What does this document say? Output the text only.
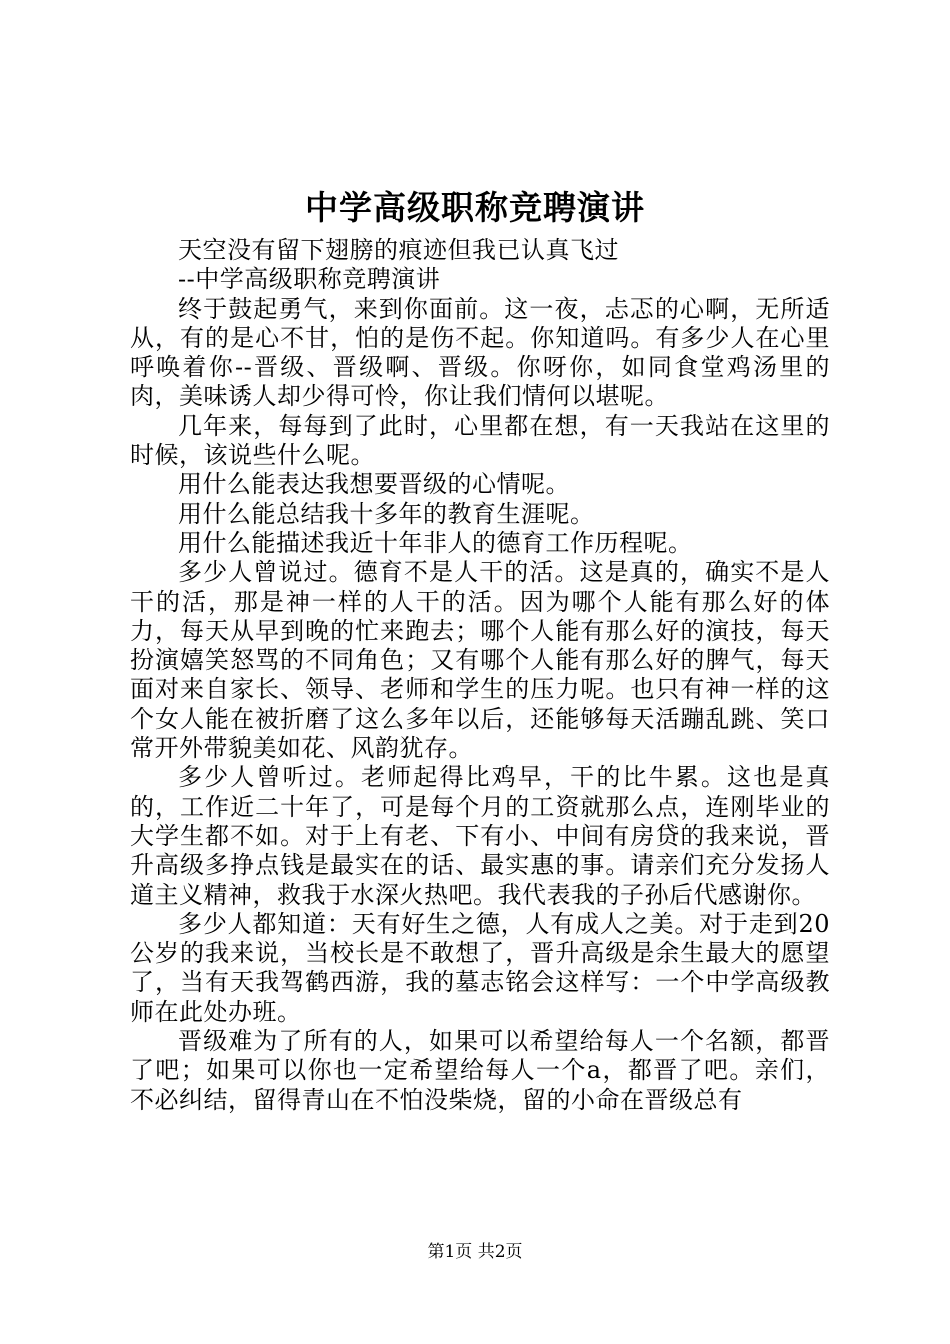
中学高级职称竞聘演讲

天空没有留下翅膀的痕迹但我已认真飞过

--中学高级职称竞聘演讲

终于鼓起勇气，来到你面前。这一夜，忐忑的心啊，无所适从，有的是心不甘，怕的是伤不起。你知道吗。有多少人在心里呼唤着你--晋级、晋级啊、晋级。你呀你，如同食堂鸡汤里的肉，美味诱人却少得可怜，你让我们情何以堪呢。

几年来，每每到了此时，心里都在想，有一天我站在这里的时候，该说些什么呢。

用什么能表达我想要晋级的心情呢。

用什么能总结我十多年的教育生涯呢。

用什么能描述我近十年非人的德育工作历程呢。

多少人曾说过。德育不是人干的活。这是真的，确实不是人干的活，那是神一样的人干的活。因为哪个人能有那么好的体力，每天从早到晚的忙来跑去；哪个人能有那么好的演技，每天扮演嬉笑怒骂的不同角色；又有哪个人能有那么好的脾气，每天面对来自家长、领导、老师和学生的压力呢。也只有神一样的这个女人能在被折磨了这么多年以后，还能够每天活蹦乱跳、笑口常开外带貌美如花、风韵犹存。

多少人曾听过。老师起得比鸡早，干的比牛累。这也是真的，工作近二十年了，可是每个月的工资就那么点，连刚毕业的大学生都不如。对于上有老、下有小、中间有房贷的我来说，晋升高级多挣点钱是最实在的话、最实惠的事。请亲们充分发扬人道主义精神，救我于水深火热吧。我代表我的子孙后代感谢你。

多少人都知道：天有好生之德，人有成人之美。对于走到20公岁的我来说，当校长是不敢想了，晋升高级是余生最大的愿望了，当有天我驾鹤西游，我的墓志铭会这样写：一个中学高级教师在此处办班。

晋级难为了所有的人，如果可以希望给每人一个名额，都晋了吧；如果可以你也一定希望给每人一个a，都晋了吧。亲们，不必纠结，留得青山在不怕没柴烧，留的小命在晋级总有

第1页 共2页
